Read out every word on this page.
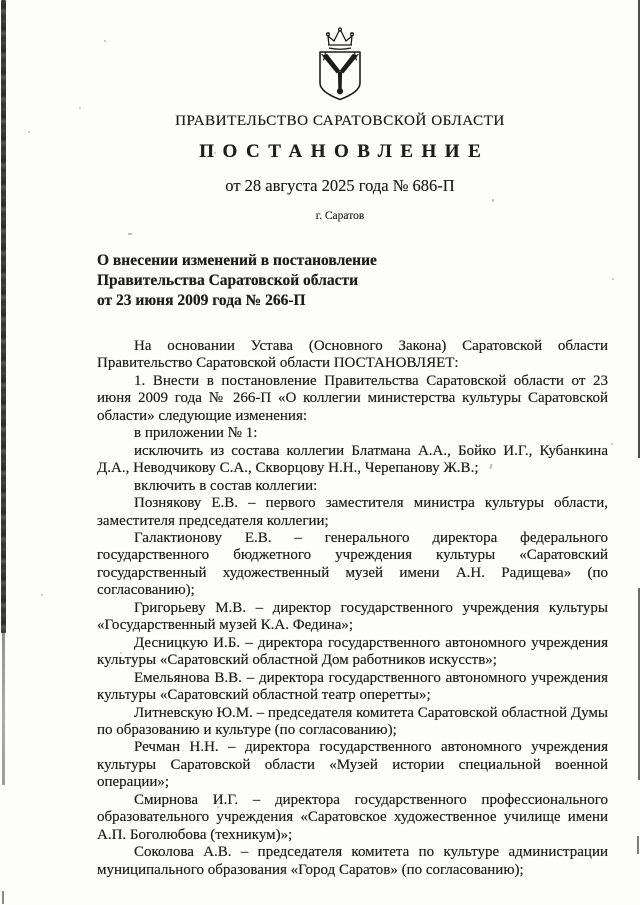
ПРАВИТЕЛЬСТВО САРАТОВСКОЙ ОБЛАСТИ
ПОСТАНОВЛЕНИЕ
от 28 августа 2025 года № 686-П
г. Саратов
О внесении изменений в постановление
Правительства Саратовской области
от 23 июня 2009 года № 266-П

На основании Устава (Основного Закона) Саратовской области Правительство Саратовской области ПОСТАНОВЛЯЕТ:

1. Внести в постановление Правительства Саратовской области от 23 июня 2009 года № 266-П «О коллегии министерства культуры Саратовской области» следующие изменения:

в приложении № 1:

исключить из состава коллегии Блатмана А.А., Бойко И.Г., Кубанкина Д.А., Неводчикову С.А., Скворцову Н.Н., Черепанову Ж.В.;

включить в состав коллегии:

Познякову Е.В. – первого заместителя министра культуры области, заместителя председателя коллегии;

Галактионову Е.В. – генерального директора федерального государственного бюджетного учреждения культуры «Саратовский государственный художественный музей имени А.Н. Радищева» (по согласованию);

Григорьеву М.В. – директор государственного учреждения культуры «Государственный музей К.А. Федина»;

Десницкую И.Б. – директора государственного автономного учреждения культуры «Саратовский областной Дом работников искусств»;

Емельянова В.В. – директора государственного автономного учреждения культуры «Саратовский областной театр оперетты»;

Литневскую Ю.М. – председателя комитета Саратовской областной Думы по образованию и культуре (по согласованию);

Речман Н.Н. – директора государственного автономного учреждения культуры Саратовской области «Музей истории специальной военной операции»;

Смирнова И.Г. – директора государственного профессионального образовательного учреждения «Саратовское художественное училище имени А.П. Боголюбова (техникум)»;

Соколова А.В. – председателя комитета по культуре администрации муниципального образования «Город Саратов» (по согласованию);
